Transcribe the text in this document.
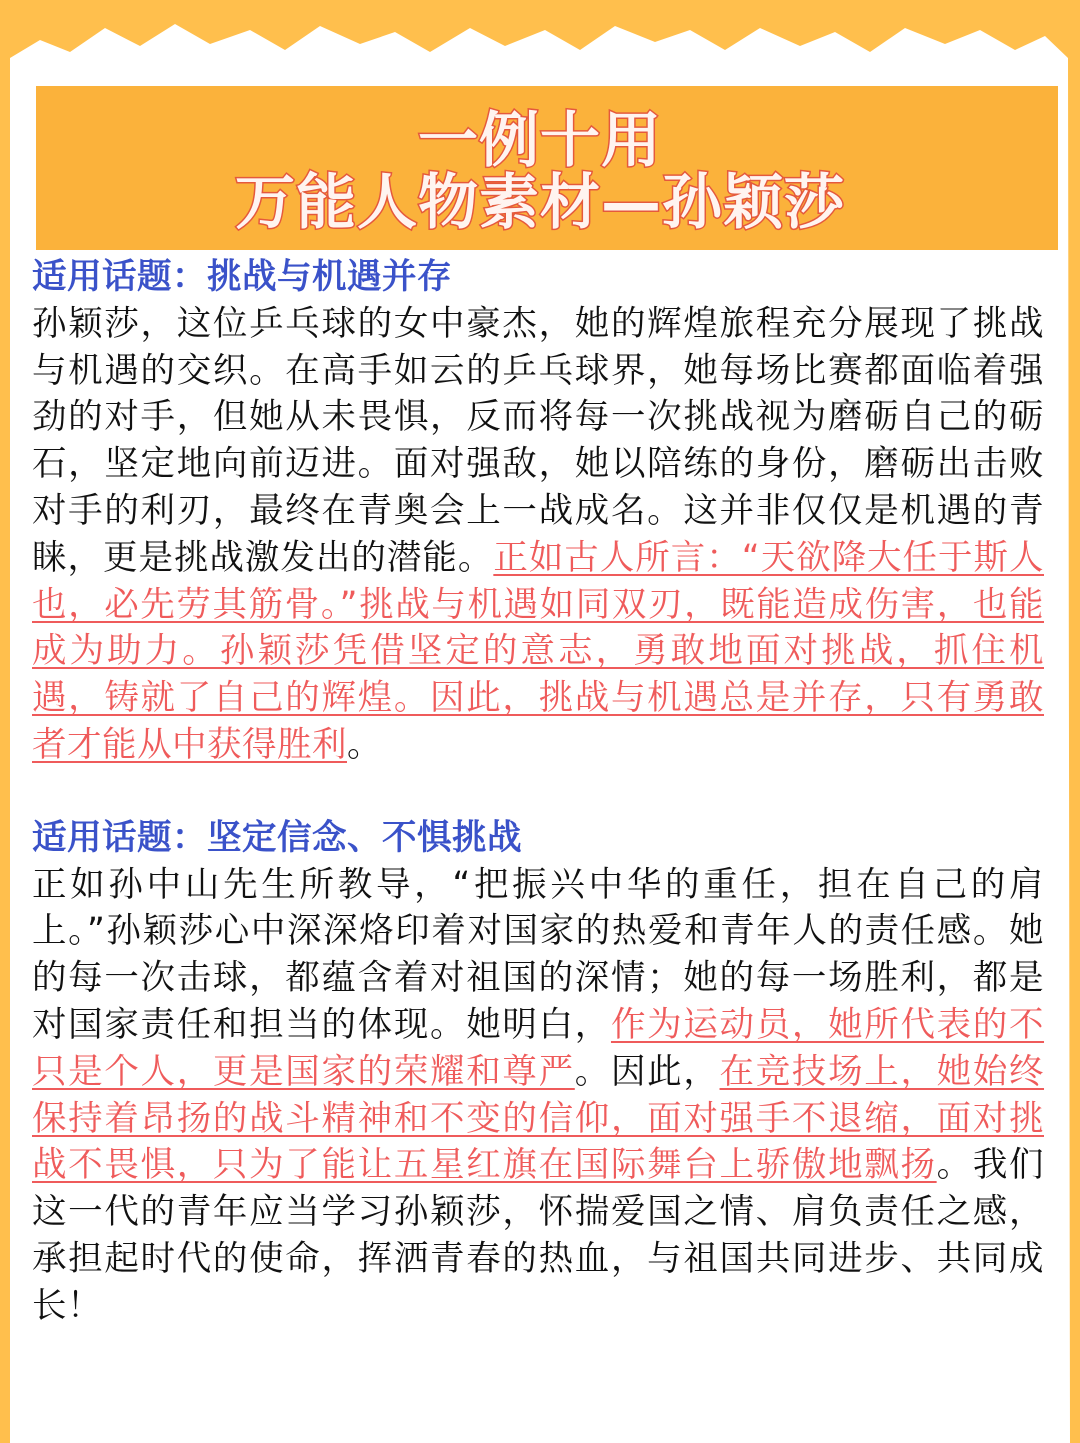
一例十用
万能人物素材—孙颖莎

适用话题：挑战与机遇并存

孙颖莎，这位乒乓球的女中豪杰，她的辉煌旅程充分展现了挑战与机遇的交织。在高手如云的乒乓球界，她每场比赛都面临着强劲的对手，但她从未畏惧，反而将每一次挑战视为磨砺自己的砺石，坚定地向前迈进。面对强敌，她以陪练的身份，磨砺出击败对手的利刃，最终在青奥会上一战成名。这并非仅仅是机遇的青睐，更是挑战激发出的潜能。正如古人所言：“天欲降大任于斯人也，必先劳其筋骨。”挑战与机遇如同双刃，既能造成伤害，也能成为助力。孙颖莎凭借坚定的意志，勇敢地面对挑战，抓住机遇，铸就了自己的辉煌。因此，挑战与机遇总是并存，只有勇敢者才能从中获得胜利。

适用话题：坚定信念、不惧挑战

正如孙中山先生所教导，“把振兴中华的重任，担在自己的肩上。”孙颖莎心中深深烙印着对国家的热爱和青年人的责任感。她的每一次击球，都蕴含着对祖国的深情；她的每一场胜利，都是对国家责任和担当的体现。她明白，作为运动员，她所代表的不只是个人，更是国家的荣耀和尊严。因此，在竞技场上，她始终保持着昂扬的战斗精神和不变的信仰，面对强手不退缩，面对挑战不畏惧，只为了能让五星红旗在国际舞台上骄傲地飘扬。我们这一代的青年应当学习孙颖莎，怀揣爱国之情、肩负责任之感，承担起时代的使命，挥洒青春的热血，与祖国共同进步、共同成长！
